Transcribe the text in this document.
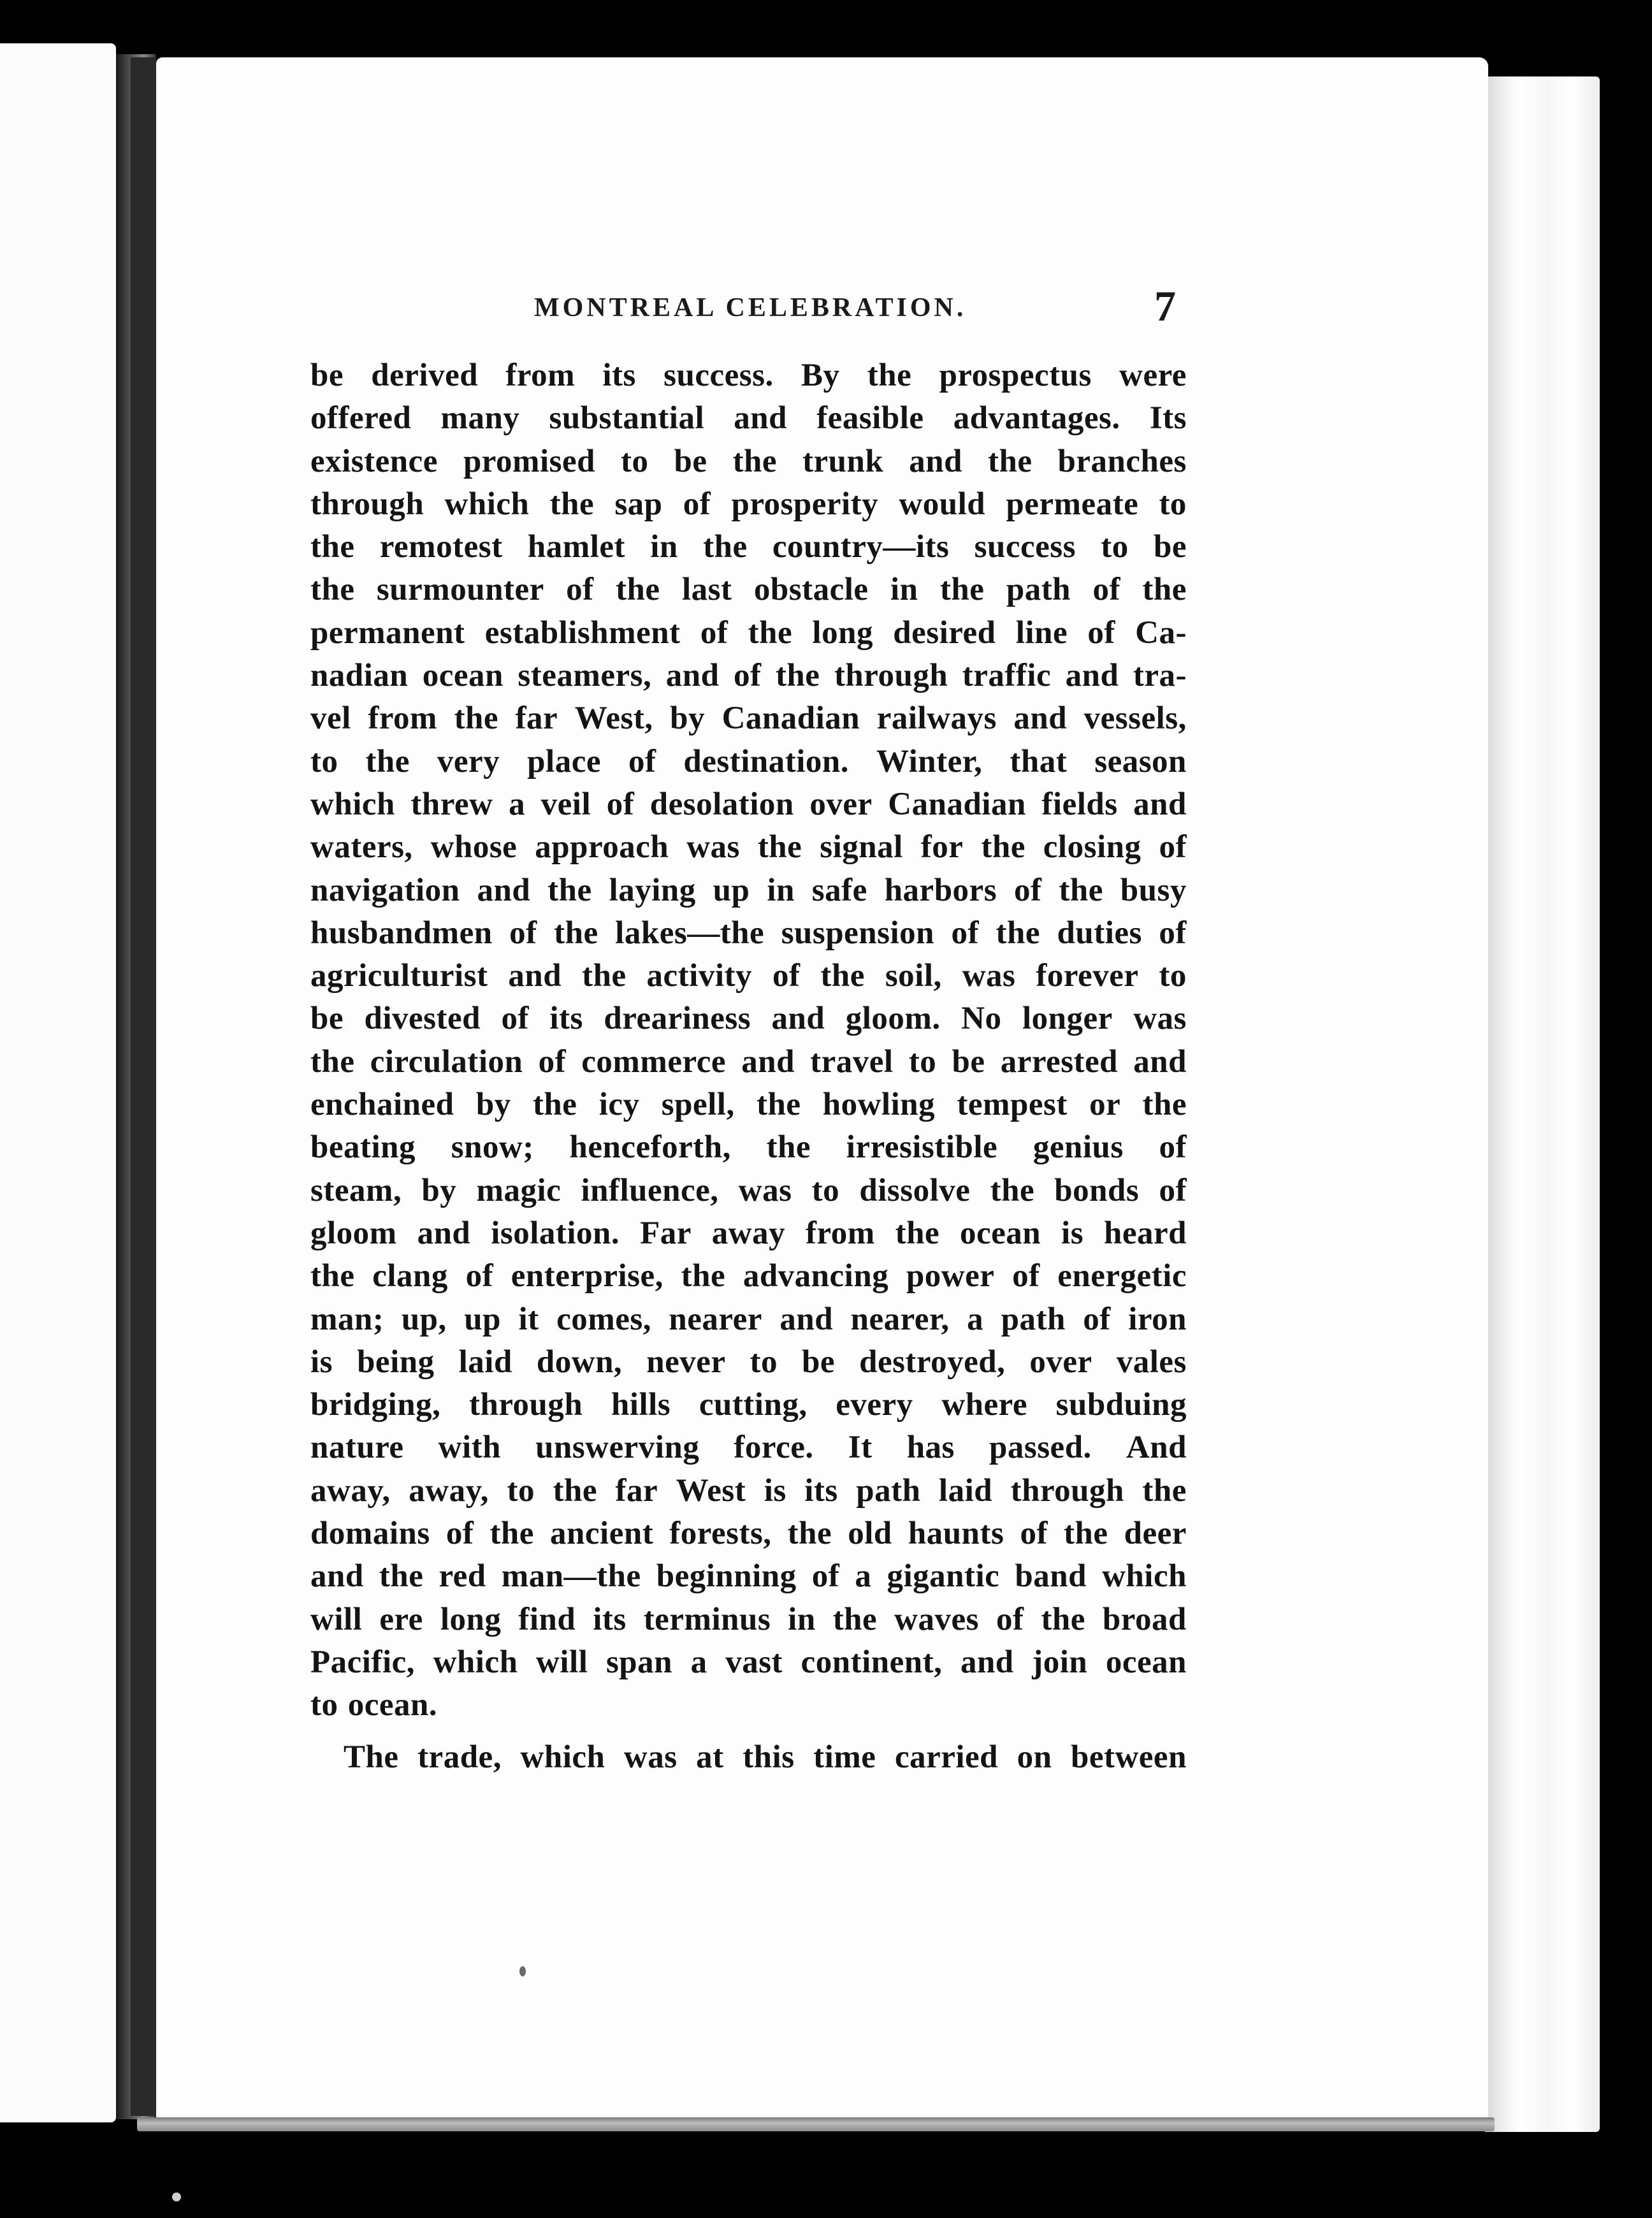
MONTREAL CELEBRATION.	7
be derived from its success. By the prospectus were
offered many substantial and feasible advantages. Its
existence promised to be the trunk and the branches
through which the sap of prosperity would permeate to
the remotest hamlet in the country—its success to be
the surmounter of the last obstacle in the path of the
permanent establishment of the long desired line of Ca-
nadian ocean steamers, and of the through traffic and tra-
vel from the far West, by Canadian railways and vessels,
to the very place of destination. Winter, that season
which threw a veil of desolation over Canadian fields and
waters, whose approach was the signal for the closing of
navigation and the laying up in safe harbors of the busy
husbandmen of the lakes—the suspension of the duties of
agriculturist and the activity of the soil, was forever to
be divested of its dreariness and gloom. No longer was
the circulation of commerce and travel to be arrested and
enchained by the icy spell, the howling tempest or the
beating snow; henceforth, the irresistible genius of
steam, by magic influence, was to dissolve the bonds of
gloom and isolation. Far away from the ocean is heard
the clang of enterprise, the advancing power of energetic
man; up, up it comes, nearer and nearer, a path of iron
is being laid down, never to be destroyed, over vales
bridging, through hills cutting, every where subduing
nature with unswerving force. It has passed. And
away, away, to the far West is its path laid through the
domains of the ancient forests, the old haunts of the deer
and the red man—the beginning of a gigantic band which
will ere long find its terminus in the waves of the broad
Pacific, which will span a vast continent, and join ocean
to ocean.
The trade, which was at this time carried on between
